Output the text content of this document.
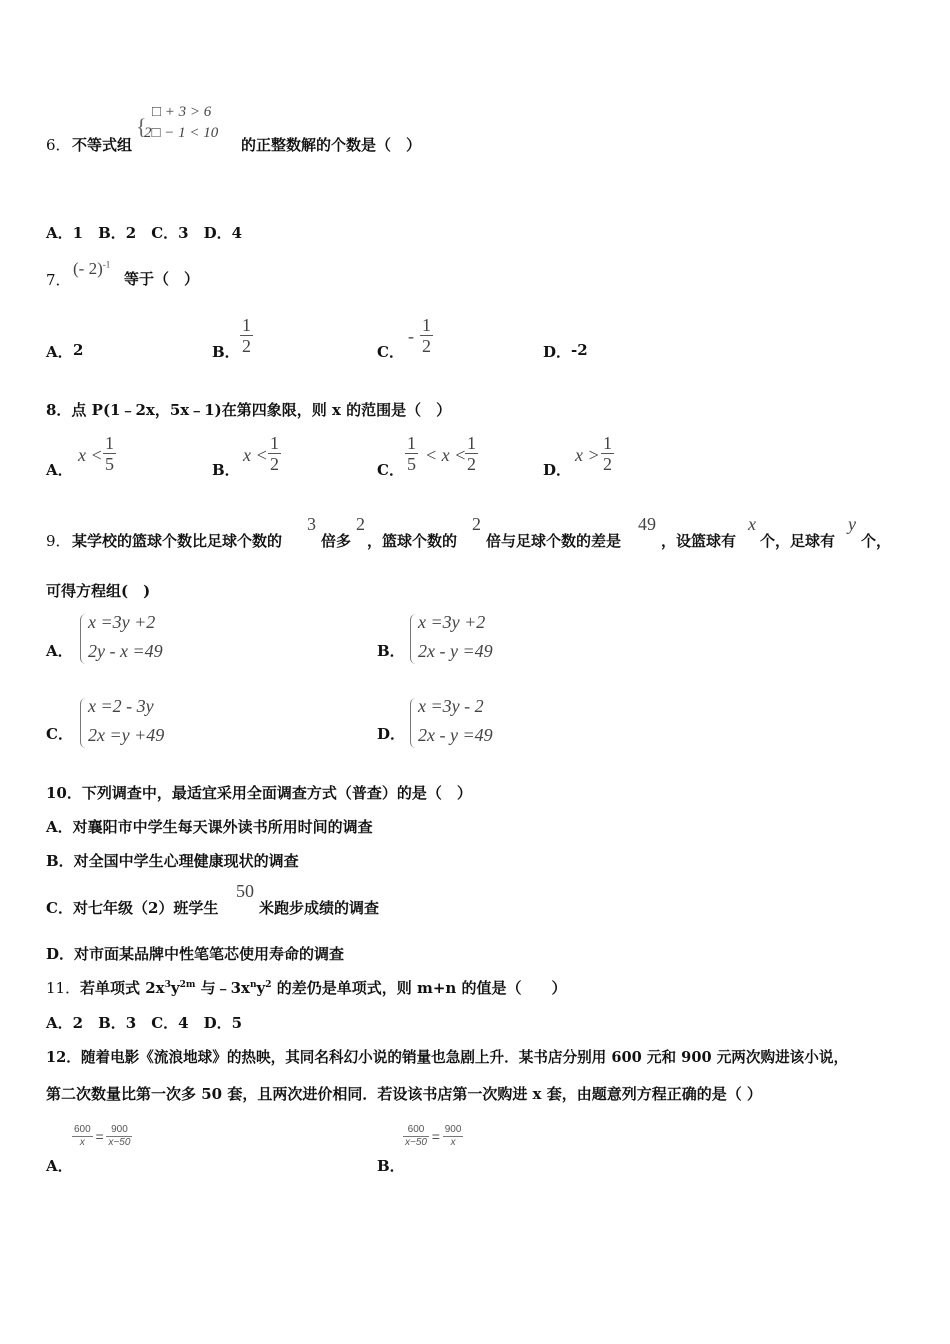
6． 不等式组
{
□ + 3 > 6
2□ − 1 < 10
的正整数解的个数是（　）
A．1　B．2　C．3　D．4
7．
(- 2)$^{-1}$
等于（　）
A． 2	B． $\frac{1}{2}$	C．
- $\frac{1}{2}$	D． -2
8．点 P(1﹣2x，5x﹣1)在第四象限，则 x 的范围是（　）
A．
$x < \frac{1}{5}$	B．
$x < \frac{1}{2}$	C． $\frac{1}{5} < x$ <
$\frac{1}{2}$	D．
$x > \frac{1}{2}$
9． 某学校的篮球个数比足球个数的
3
倍多
2
，篮球个数的
2
倍与足球个数的差是
49
，设篮球有
x
个，足球有
y
个，
可得方程组(　)
A．
x =3y +2
2y - x =49	B．
x =3y +2
2x - y =49
C．
x =2 - 3y
2x =y +49	D．
x =3y - 2
2x - y =49
10．下列调查中，最适宜采用全面调查方式（普查）的是（　）
A．对襄阳市中学生每天课外读书所用时间的调查
B．对全国中学生心理健康现状的调查
C．对七年级（2）班学生
50
米跑步成绩的调查
D．对市面某品牌中性笔笔芯使用寿命的调查
11． 若单项式 $2x^3y^{2m}$ 与$﹣3x^ny^2$ 的差仍是单项式，则 m+n 的值是（　　）
A．2　B．3　C．4　D．5
12．随着电影《流浪地球》的热映，其同名科幻小说的销量也急剧上升．某书店分别用 600 元和 900 元两次购进该小说，
第二次数量比第一次多 50 套，且两次进价相同．若设该书店第一次购进 x 套，由题意列方程正确的是（ ）
$\frac{600}{x} = \frac{900}{x-50}$
A．
$\frac{600}{x-50} = \frac{900}{x}$
B．
